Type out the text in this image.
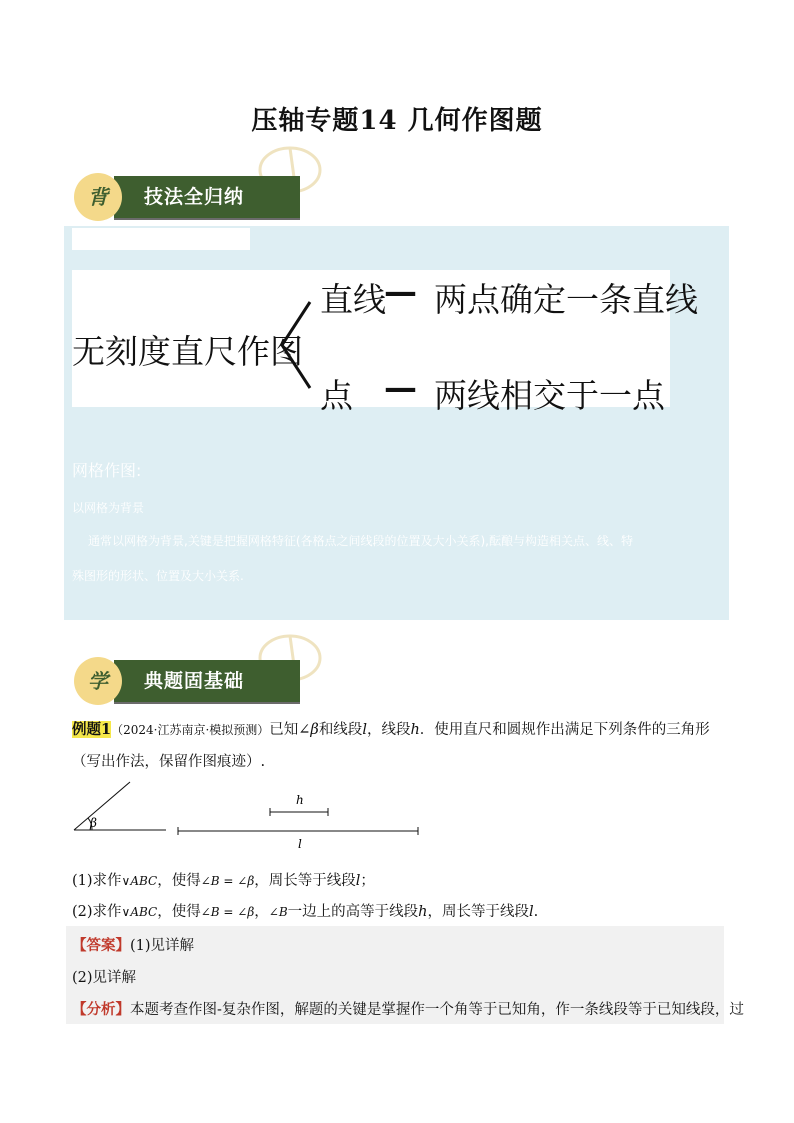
压轴专题14 几何作图题
背	技法全归纳
无刻度直尺作图
直线
— 两点确定一条直线
点 — 两线相交于一点
网格作图:
以网格为背景
通常以网格为背景,关键是把握网格特征(各格点之间线段的位置及大小关系),酝酿与构造相关点、线、特
殊图形的形状、位置及大小关系.
学	典题固基础
例题1（2024·江苏南京·模拟预测）已知∠β和线段l，线段h．使用直尺和圆规作出满足下列条件的三角形
（写出作法，保留作图痕迹）.
β
h
l
(1)求作∨ABC，使得∠B = ∠β，周长等于线段l；
(2)求作∨ABC，使得∠B = ∠β，∠B一边上的高等于线段h，周长等于线段l.
【答案】(1)见详解
(2)见详解
【分析】本题考查作图-复杂作图，解题的关键是掌握作一个角等于已知角，作一条线段等于已知线段，过
